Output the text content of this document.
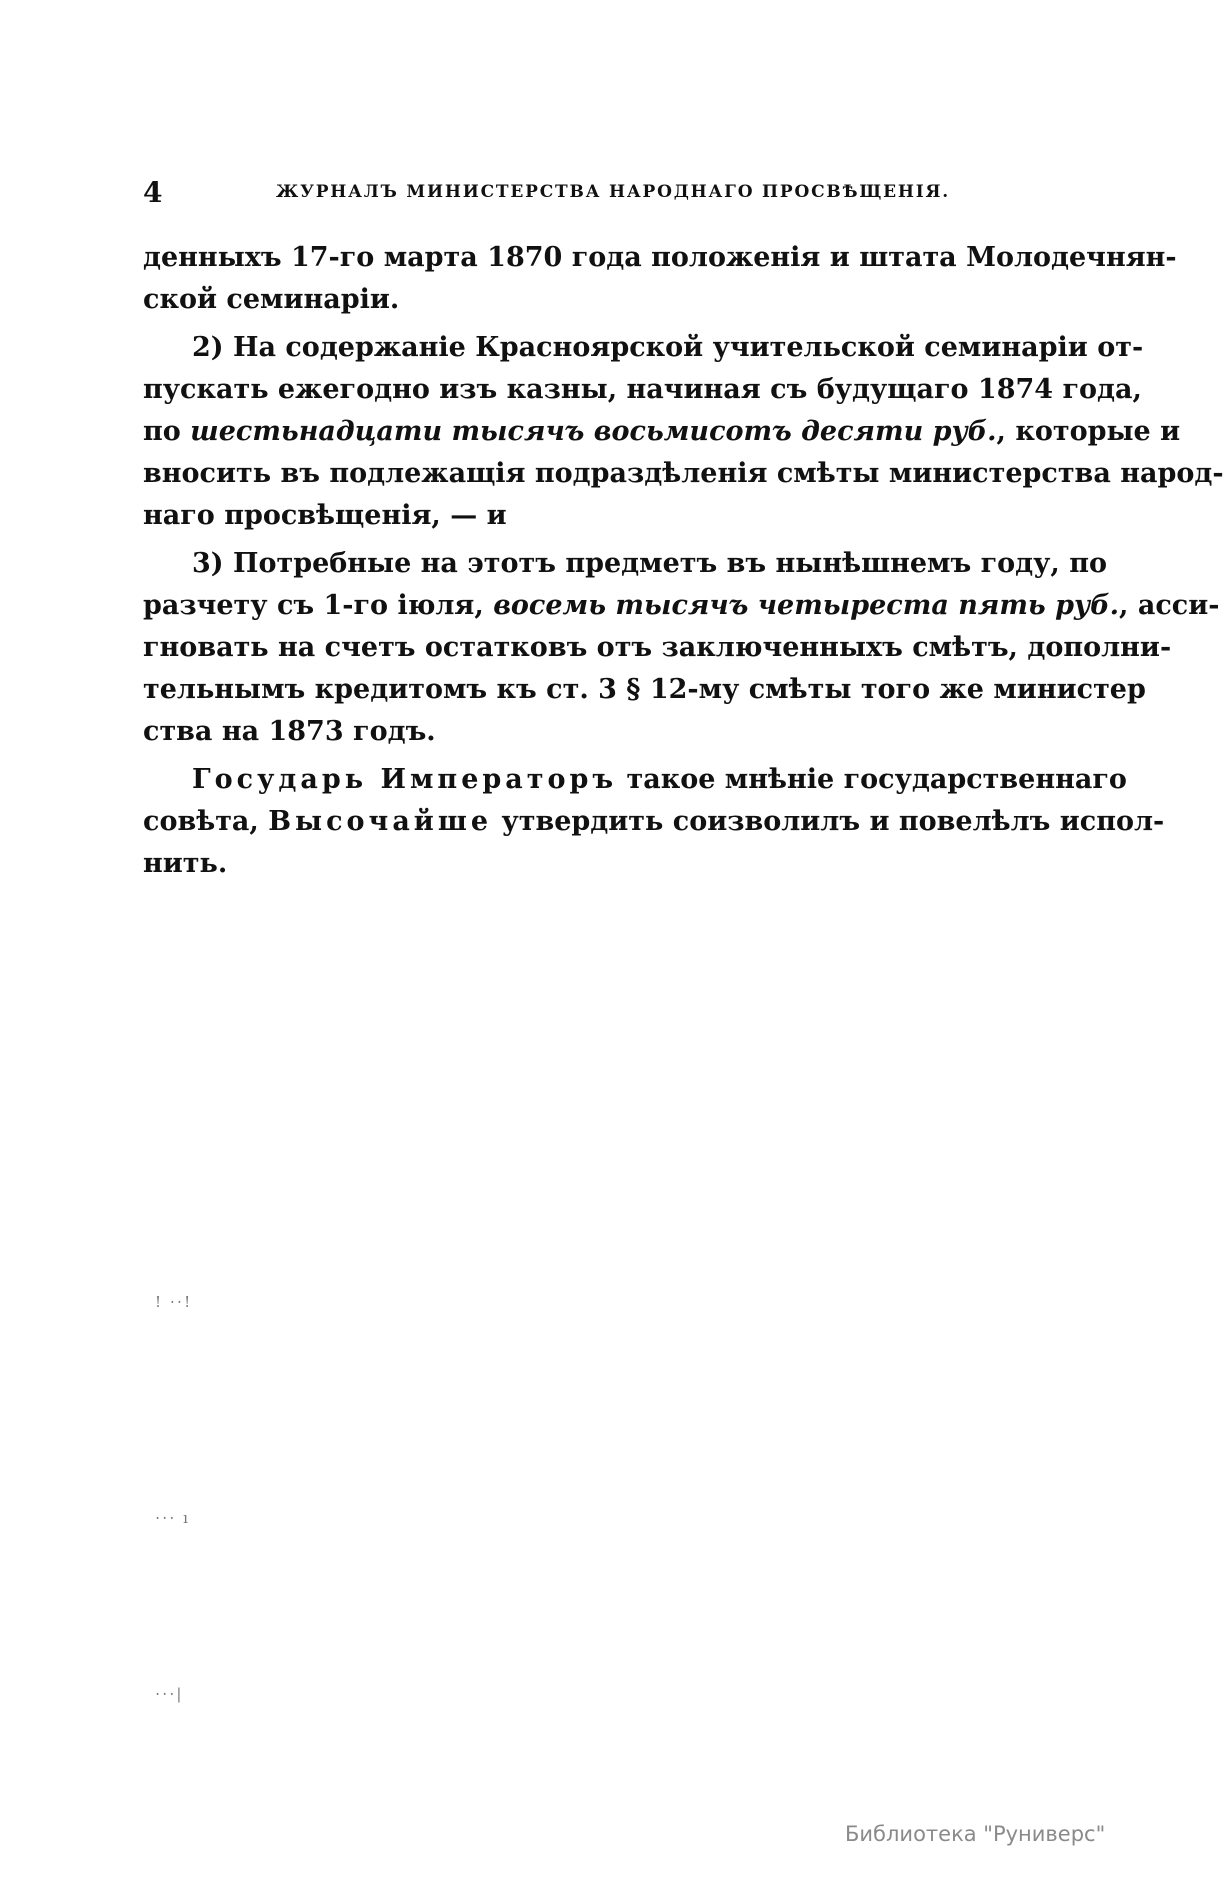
4	ЖУРНАЛЪ МИНИСТЕРСТВА НАРОДНАГО ПРОСВѢЩЕНІЯ.
денныхъ 17-го марта 1870 года положенія и штата Молодечнян-
ской семинаріи.
2) На содержаніе Красноярской учительской семинаріи от-
пускать ежегодно изъ казны, начиная съ будущаго 1874 года,
по шестьнадцати тысячъ восьмисотъ десяти руб., которые и
вносить въ подлежащія подраздѣленія смѣты министерства народ-
наго просвѣщенія, — и
3) Потребные на этотъ предметъ въ нынѣшнемъ году, по
разчету съ 1-го іюля, восемь тысячъ четыреста пять руб., асси-
гновать на счетъ остатковъ отъ заключенныхъ смѣтъ, дополни-
тельнымъ кредитомъ къ ст. 3 § 12-му смѣты того же министер
ства на 1873 годъ.
Государь Императоръ такое мнѣніе государственнаго
совѣта, Высочайше утвердить соизволилъ и повелѣлъ испол-
нить.
! ⋅⋅!
⋅⋅⋅ ı
⋅⋅⋅|
Библиотека "Руниверс"
